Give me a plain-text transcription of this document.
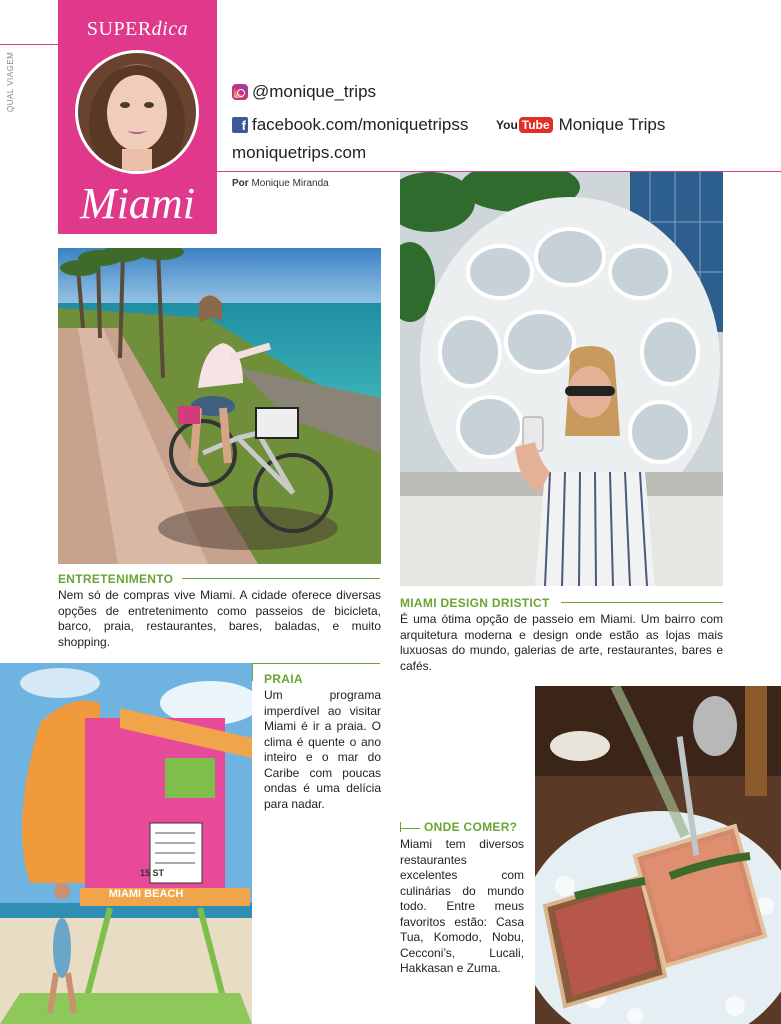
QUAL VIAGEM
SUPERdica
Miami
@monique_trips
f facebook.com/moniquetripss You Tube Monique Trips
moniquetrips.com
Por Monique Miranda
ENTRETENIMENTO
Nem só de compras vive Miami. A cidade oferece diversas opções de entretenimento como passeios de bicicleta, barco, praia, restaurantes, bares, baladas, e muito shopping.
MIAMI DESIGN DRISTICT
É uma ótima opção de passeio em Miami. Um bairro com arquitetura moderna e design onde estão as lojas mais luxuosas do mundo, galerias de arte, restaurantes, bares e cafés.
MIAMI BEACH
15 ST
PRAIA
Um programa imperdível ao visitar Miami é ir a praia. O clima é quente o ano inteiro e o mar do Caribe com poucas ondas é uma delícia para nadar.
ONDE COMER?
Miami tem diversos restaurantes excelentes com culinárias do mundo todo. Entre meus favoritos estão: Casa Tua, Komodo, Nobu, Cecconi’s, Lucali, Hakkasan e Zuma.
